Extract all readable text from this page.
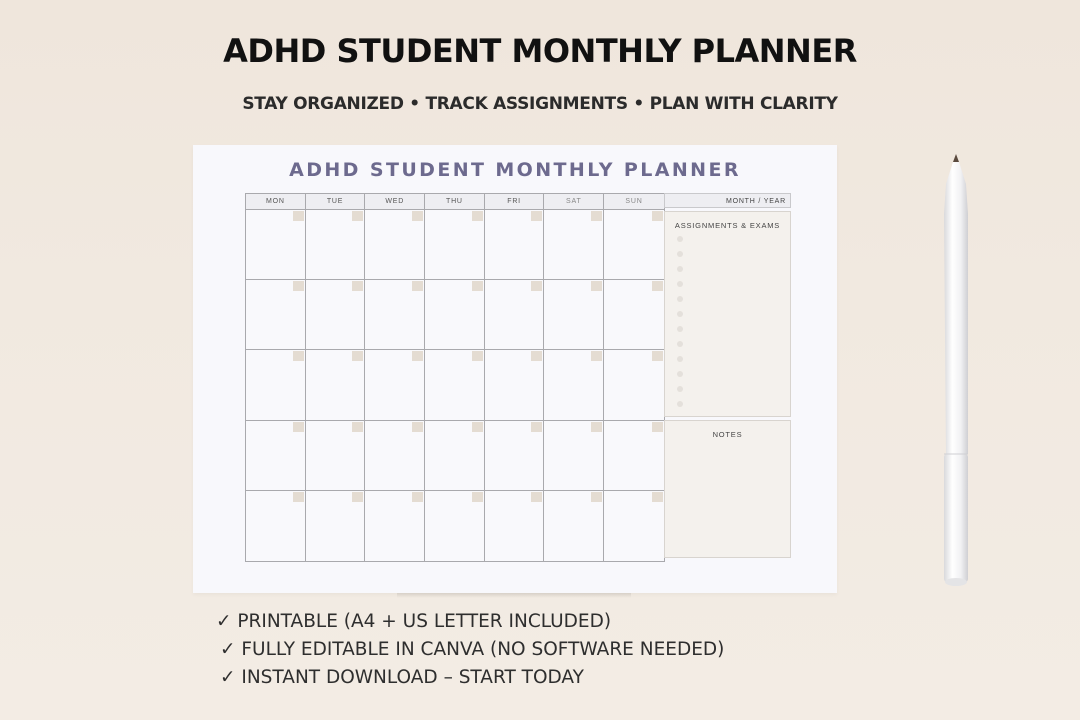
ADHD STUDENT MONTHLY PLANNER
STAY ORGANIZED • TRACK ASSIGNMENTS • PLAN WITH CLARITY
ADHD STUDENT MONTHLY PLANNER
MON	TUE	WED	THU	FRI	SAT	SUN	MONTH / YEAR
ASSIGNMENTS & EXAMS
NOTES
✓ PRINTABLE (A4 + US LETTER INCLUDED)
✓ FULLY EDITABLE IN CANVA (NO SOFTWARE NEEDED)
✓ INSTANT DOWNLOAD – START TODAY
